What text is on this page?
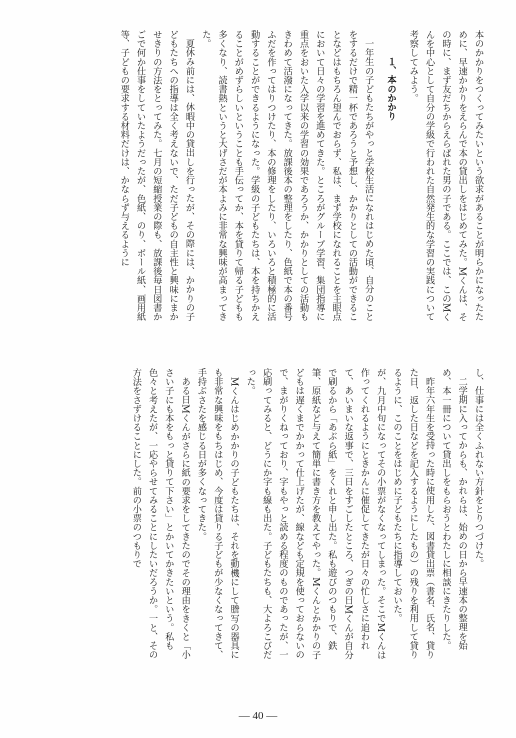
本のかかりをつくってみたいという欲求があることが明らかになったために、早速かかりをえらんで本の貸出しをはじめてみた。Mくんは、その時に、まず友だちからえらばれた男の子である。ここでは、このMくんを中心として自分の学級で行われた自然発生的な学習の実践について考察してみよう。

１、本のかかり

一年生の子どもたちがやっと学校生活になれはじめた頃、自分のことをするだけで精一杯であろうと予想し、かかりとしての活動ができることなどはもちろん望んでおらず、私は、まず学校になれることを主眼点において日々の学習を進めてきた。ところがグループ学習、集団指導に重点をおいた入学以来の学習の効果であろうか、かかりとしての活動もきわめて活潑になってきた。放課後本の整理をしたり、色紙で本の番号ふだを作ってはりつけたり、本の修理をしたり、いろいろと積極的に活動することができるようになった。学級の子どもたちは、本を持ちかえることがめずらしいということも手伝ってか、本を貸りて帰る子どもも多くなり、読書熱というと大げさだが本よみに非常な興味が高まってきた。

夏休み前には、休暇中の貸出しを行ったが、その際には、かかりの子どもたちへの指導は全く考えないで、ただ子どもの自主性と興味にまかせきりの方法をとってみた。七月の短縮授業の際も、放課後毎日図書かごで何か仕事をしていたようだったが、色紙、のり、ボール紙、画用紙等、子どもの要求する材料だけは、かならず与えるように

し、仕事には全くふれない方針をとりつづけた。

二学期に入ってからも、かれらは、始めの日から早速本の整理を始め、本一冊について貸出しをもらおうとわたしに相談にきたりした。

昨年六年生を受持った時に使用した、図書貸出票（書名、氏名、貸りた日、返した日などを記入するようにしたもの）の残りを利用して貸りるように、このことをはじめに子どもたちに指導しておいた。

が、九月中旬になってその小票がなくなってしまった。そこでMくんは作ってくれるようにときかんに催促してきたが日々の忙しさに追われて、あいまいな返事で、三日をすごしたところ、つぎの日Mくんが自分で刷るから「あぶら紙」をくれと申し出た。私も遊びのつもりで、鉄筆、原紙など与えて簡単に書き方を教えてやった。Mくんとかかりの子どもは遅くまでかかって仕上げたが、線なども定規を使っておらないので、まがりくねっており、字もやっと読める程度のものであったが、一応刷ってみると、どうにか字も線も出た。子どもたちも、大よろこびだった。

Mくんはじめかかりの子どもたちは、それを動機にして謄写の器具にも非常な興味をもちはじめ、今度は貸りる子どもが少なくなってきて、手持ぶさたを感じる日が多くなってきた。

ある日Mくんがさらに紙の要求をしてきたのでその理由をきくと「小さい子にも本をもっと貸りて下さい」とかいてかきたいという。私も色々と考えたが、一応やらせてみることにしたいだろうか。一と、その方法をさずけることにした。前の小票のつもりで

― 40 ―
